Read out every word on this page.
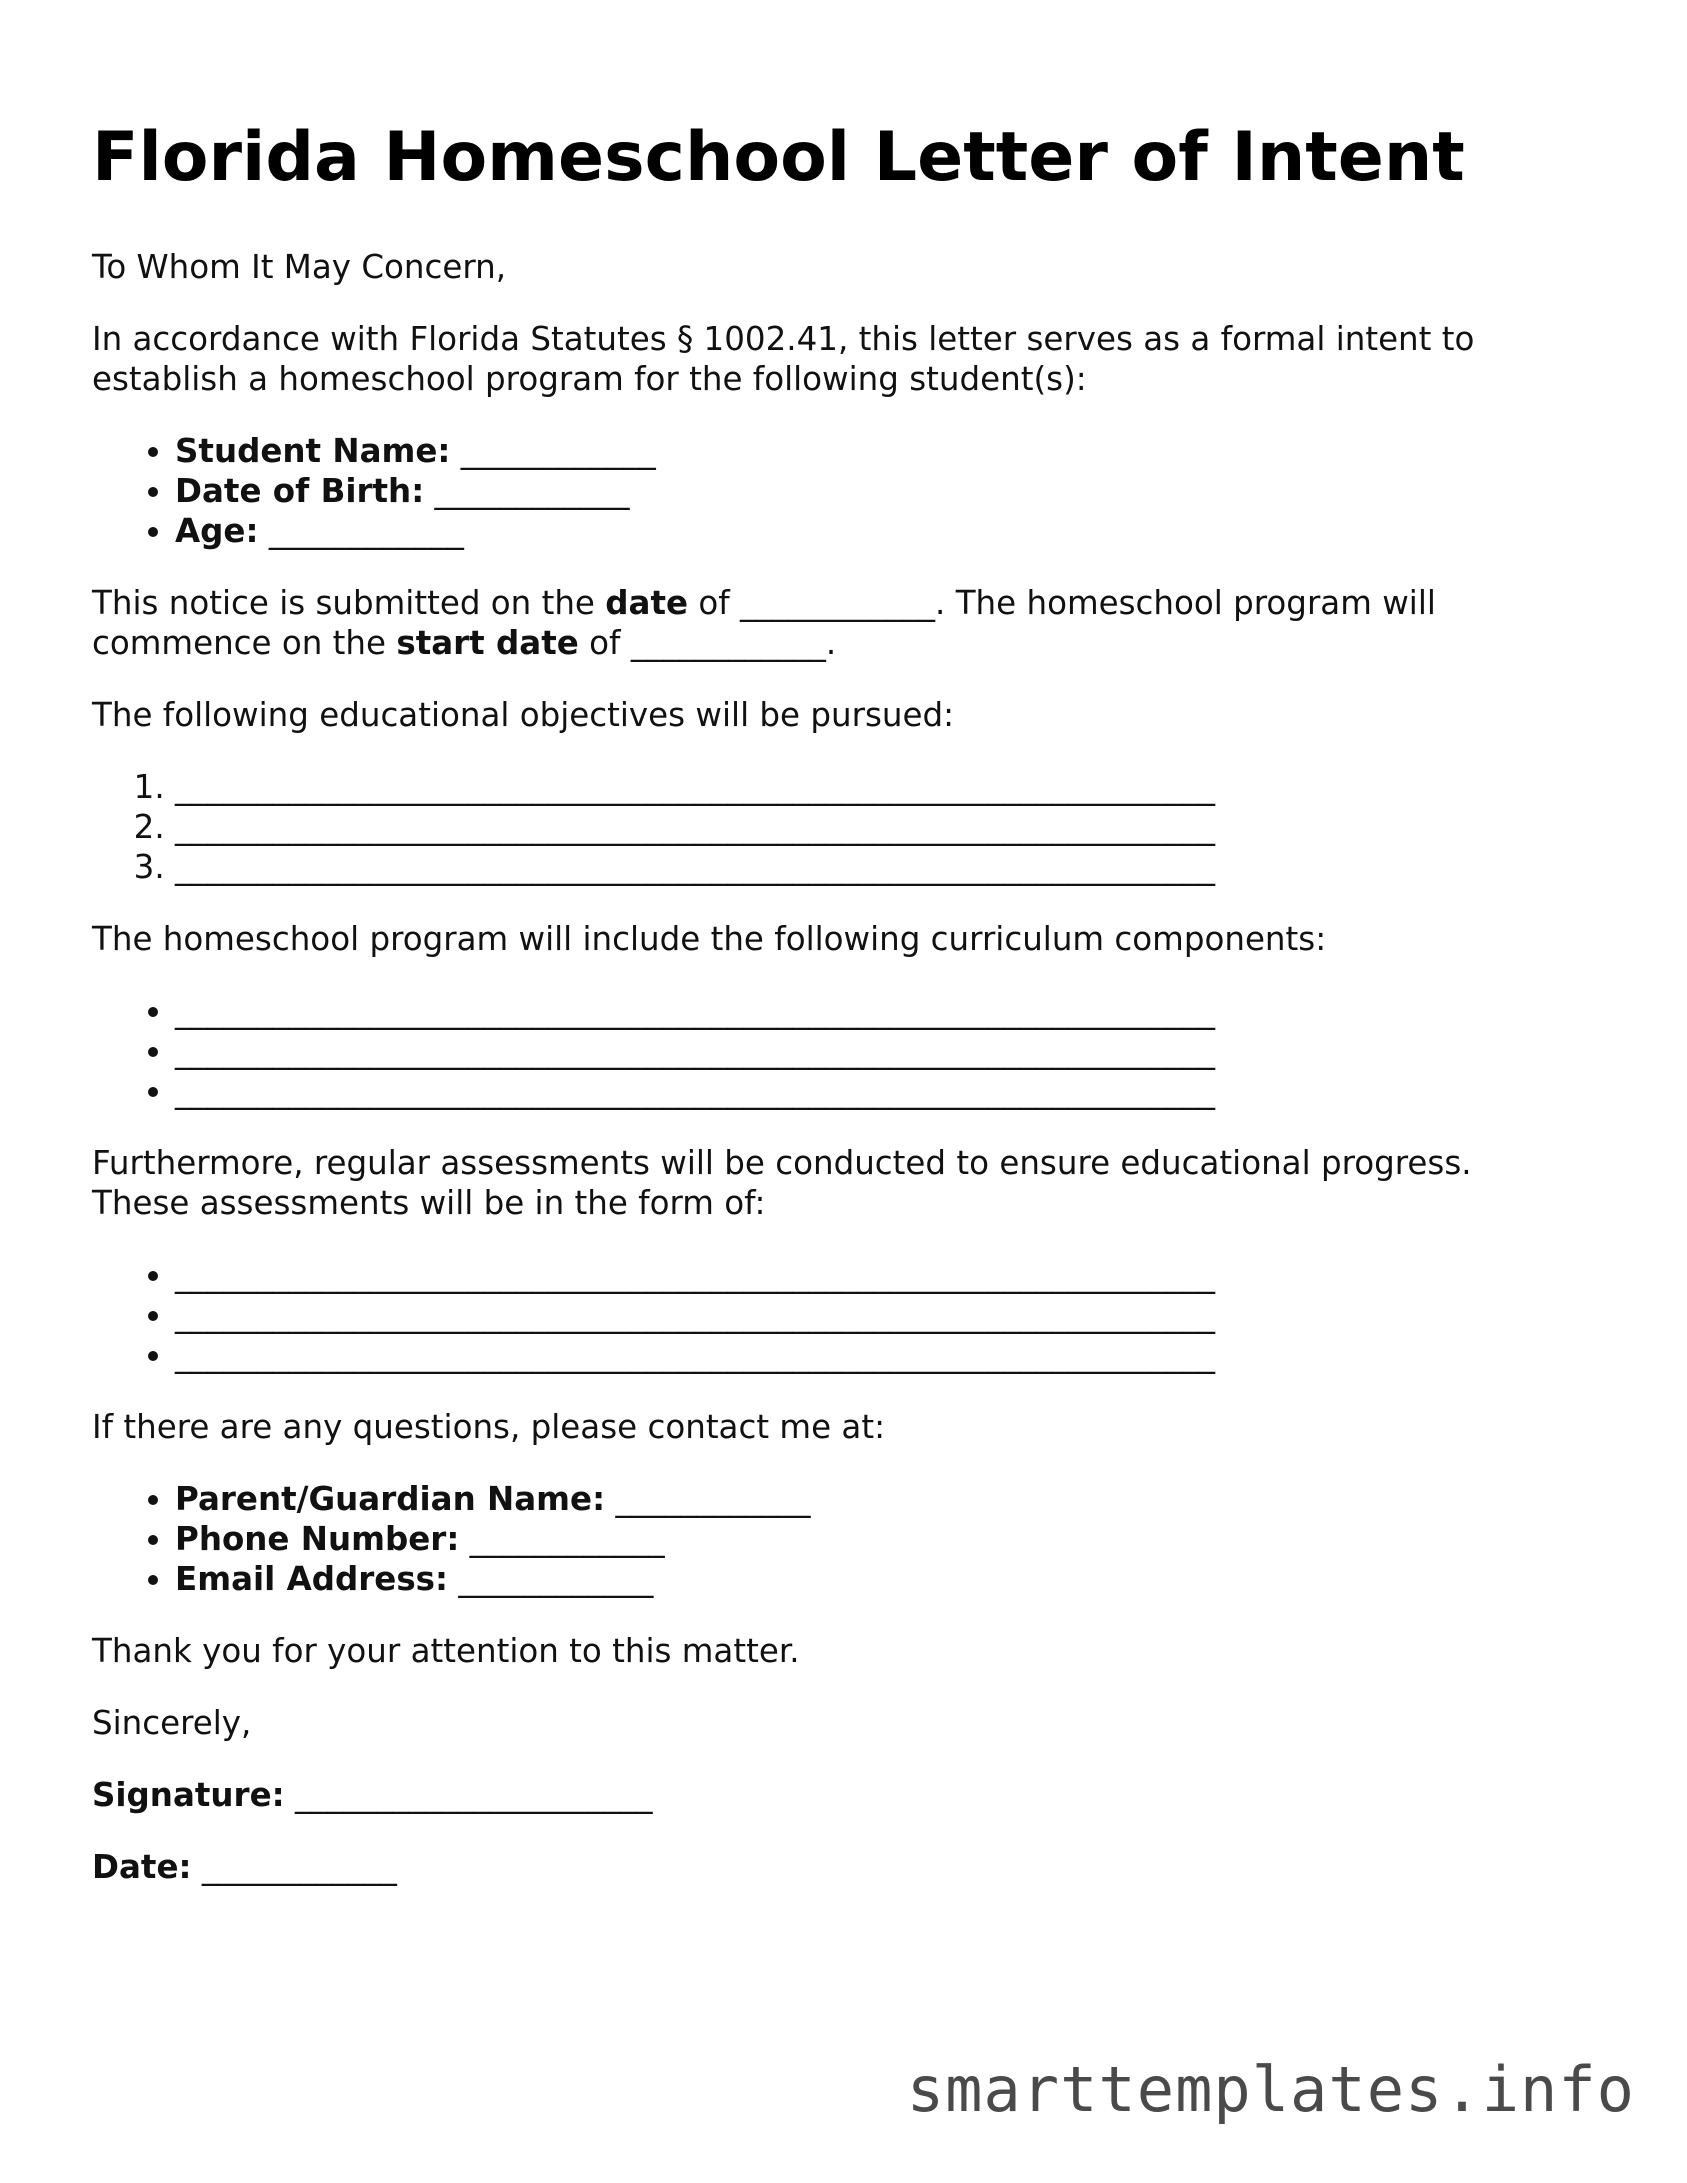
Florida Homeschool Letter of Intent

To Whom It May Concern,

In accordance with Florida Statutes § 1002.41, this letter serves as a formal intent to establish a homeschool program for the following student(s):

• Student Name: ____________
• Date of Birth: ____________
• Age: ____________

This notice is submitted on the date of ____________. The homeschool program will commence on the start date of ____________.

The following educational objectives will be pursued:

1. ________________________________________________________________
2. ________________________________________________________________
3. ________________________________________________________________

The homeschool program will include the following curriculum components:

• ________________________________________________________________
• ________________________________________________________________
• ________________________________________________________________

Furthermore, regular assessments will be conducted to ensure educational progress. These assessments will be in the form of:

• ________________________________________________________________
• ________________________________________________________________
• ________________________________________________________________

If there are any questions, please contact me at:

• Parent/Guardian Name: ____________
• Phone Number: ____________
• Email Address: ____________

Thank you for your attention to this matter.

Sincerely,

Signature: ______________________

Date: ____________

smarttemplates.info
